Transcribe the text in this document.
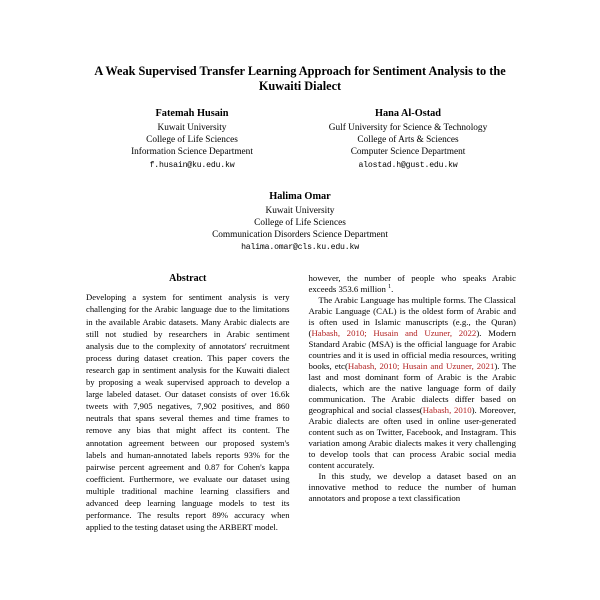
A Weak Supervised Transfer Learning Approach for Sentiment Analysis to the Kuwaiti Dialect
Fatemah Husain
Kuwait University
College of Life Sciences
Information Science Department
f.husain@ku.edu.kw
Hana Al-Ostad
Gulf University for Science & Technology
College of Arts & Sciences
Computer Science Department
alostad.h@gust.edu.kw
Halima Omar
Kuwait University
College of Life Sciences
Communication Disorders Science Department
halima.omar@cls.ku.edu.kw
Abstract

Developing a system for sentiment analysis is very challenging for the Arabic language due to the limitations in the available Arabic datasets. Many Arabic dialects are still not studied by researchers in Arabic sentiment analysis due to the complexity of annotators' recruitment process during dataset creation. This paper covers the research gap in sentiment analysis for the Kuwaiti dialect by proposing a weak supervised approach to develop a large labeled dataset. Our dataset consists of over 16.6k tweets with 7,905 negatives, 7,902 positives, and 860 neutrals that spans several themes and time frames to remove any bias that might affect its content. The annotation agreement between our proposed system's labels and human-annotated labels reports 93% for the pairwise percent agreement and 0.87 for Cohen's kappa coefficient. Furthermore, we evaluate our dataset using multiple traditional machine learning classifiers and advanced deep learning language models to test its performance. The results report 89% accuracy when applied to the testing dataset using the ARBERT model.

however, the number of people who speaks Arabic exceeds 353.6 million $^1$.

The Arabic Language has multiple forms. The Classical Arabic Language (CAL) is the oldest form of Arabic and is often used in Islamic manuscripts (e.g., the Quran) (Habash, 2010; Husain and Uzuner, 2022). Modern Standard Arabic (MSA) is the official language for Arabic countries and it is used in official media resources, writing books, etc(Habash, 2010; Husain and Uzuner, 2021). The last and most dominant form of Arabic is the Arabic dialects, which are the native language form of daily communication. The Arabic dialects differ based on geographical and social classes(Habash, 2010). Moreover, Arabic dialects are often used in online user-generated content such as on Twitter, Facebook, and Instagram. This variation among Arabic dialects makes it very challenging to develop tools that can process Arabic social media content accurately.

In this study, we develop a dataset based on an innovative method to reduce the number of human annotators and propose a text classification
